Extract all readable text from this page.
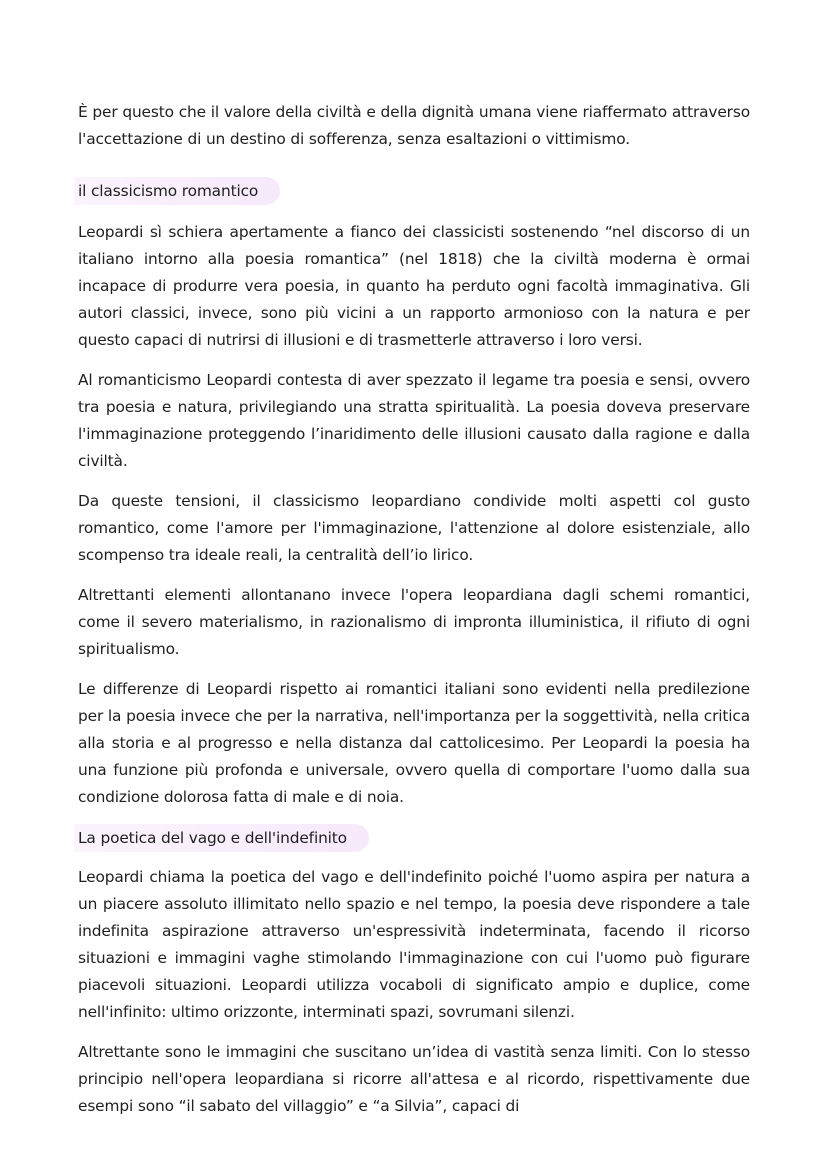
È per questo che il valore della civiltà e della dignità umana viene riaffermato attraverso l'accettazione di un destino di sofferenza, senza esaltazioni o vittimismo.

il classicismo romantico

Leopardi sì schiera apertamente a fianco dei classicisti sostenendo “nel discorso di un italiano intorno alla poesia romantica” (nel 1818) che la civiltà moderna è ormai incapace di produrre vera poesia, in quanto ha perduto ogni facoltà immaginativa. Gli autori classici, invece, sono più vicini a un rapporto armonioso con la natura e per questo capaci di nutrirsi di illusioni e di trasmetterle attraverso i loro versi.

Al romanticismo Leopardi contesta di aver spezzato il legame tra poesia e sensi, ovvero tra poesia e natura, privilegiando una stratta spiritualità. La poesia doveva preservare l'immaginazione proteggendo l’inaridimento delle illusioni causato dalla ragione e dalla civiltà.

Da queste tensioni, il classicismo leopardiano condivide molti aspetti col gusto romantico, come l'amore per l'immaginazione, l'attenzione al dolore esistenziale, allo scompenso tra ideale reali, la centralità dell’io lirico.

Altrettanti elementi allontanano invece l'opera leopardiana dagli schemi romantici, come il severo materialismo, in razionalismo di impronta illuministica, il rifiuto di ogni spiritualismo.

Le differenze di Leopardi rispetto ai romantici italiani sono evidenti nella predilezione per la poesia invece che per la narrativa, nell'importanza per la soggettività, nella critica alla storia e al progresso e nella distanza dal cattolicesimo. Per Leopardi la poesia ha una funzione più profonda e universale, ovvero quella di comportare l'uomo dalla sua condizione dolorosa fatta di male e di noia.

La poetica del vago e dell'indefinito

Leopardi chiama la poetica del vago e dell'indefinito poiché l'uomo aspira per natura a un piacere assoluto illimitato nello spazio e nel tempo, la poesia deve rispondere a tale indefinita aspirazione attraverso un'espressività indeterminata, facendo il ricorso situazioni e immagini vaghe stimolando l'immaginazione con cui l'uomo può figurare piacevoli situazioni. Leopardi utilizza vocaboli di significato ampio e duplice, come nell'infinito: ultimo orizzonte, interminati spazi, sovrumani silenzi.

Altrettante sono le immagini che suscitano un’idea di vastità senza limiti. Con lo stesso principio nell'opera leopardiana si ricorre all'attesa e al ricordo, rispettivamente due esempi sono “il sabato del villaggio” e “a Silvia”, capaci di
